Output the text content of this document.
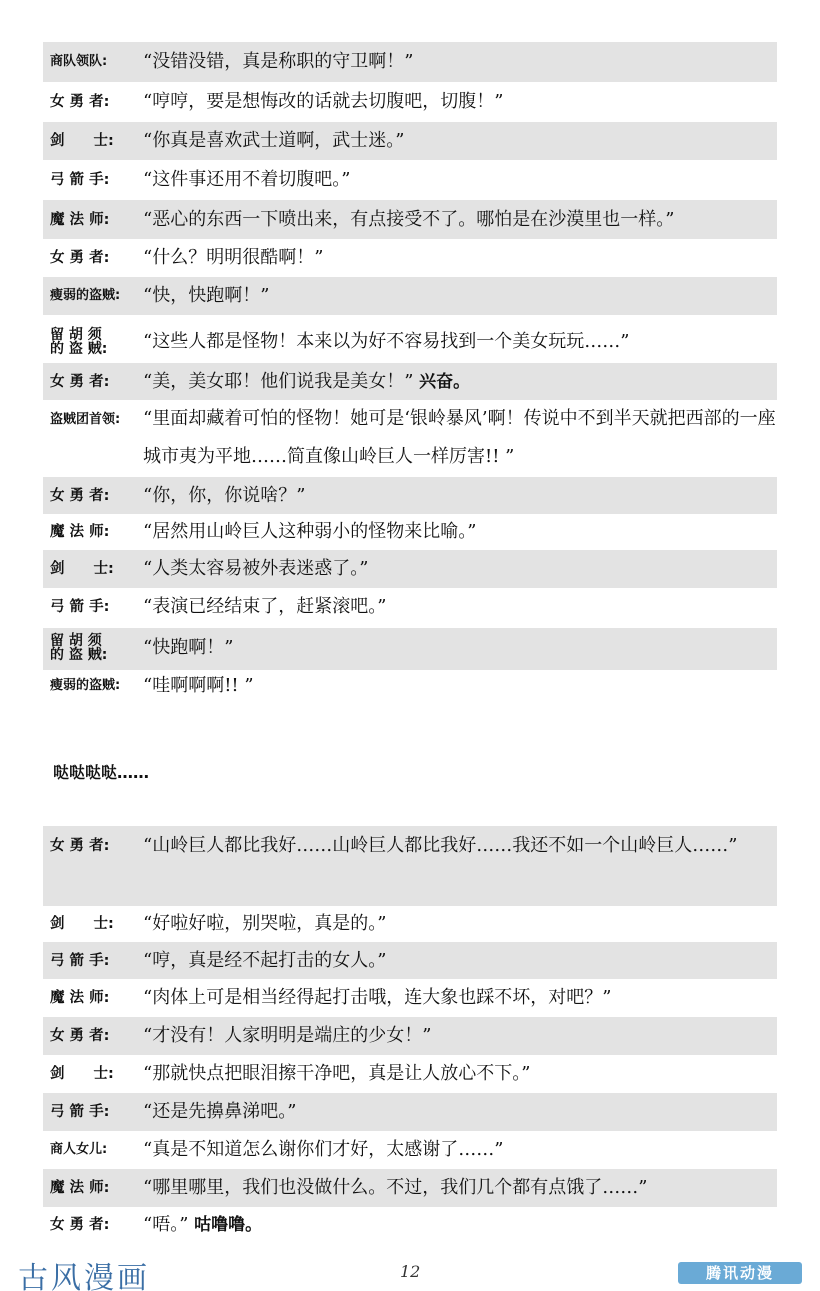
商队领队:	“没错没错，真是称职的守卫啊！”
女 勇 者:	“哼哼，要是想悔改的话就去切腹吧，切腹！”
剑　　士:	“你真是喜欢武士道啊，武士迷。”
弓 箭 手:	“这件事还用不着切腹吧。”
魔 法 师:	“恶心的东西一下喷出来，有点接受不了。哪怕是在沙漠里也一样。”
女 勇 者:	“什么？明明很酷啊！”
瘦弱的盗贼:	“快，快跑啊！”
留 胡 须
的 盗 贼:	“这些人都是怪物！本来以为好不容易找到一个美女玩玩……”
女 勇 者:	“美，美女耶！他们说我是美女！” 兴奋。
盗贼团首领:	“里面却藏着可怕的怪物！她可是‘银岭暴风’啊！传说中不到半天就把西部的一座城市夷为平地……简直像山岭巨人一样厉害!! ”
女 勇 者:	“你，你，你说啥？”
魔 法 师:	“居然用山岭巨人这种弱小的怪物来比喻。”
剑　　士:	“人类太容易被外表迷惑了。”
弓 箭 手:	“表演已经结束了，赶紧滚吧。”
留 胡 须
的 盗 贼:	“快跑啊！”
瘦弱的盗贼:	“哇啊啊啊!! ”
哒哒哒哒……
女 勇 者:	“山岭巨人都比我好……山岭巨人都比我好……我还不如一个山岭巨人……”
剑　　士:	“好啦好啦，别哭啦，真是的。”
弓 箭 手:	“哼，真是经不起打击的女人。”
魔 法 师:	“肉体上可是相当经得起打击哦，连大象也踩不坏，对吧？”
女 勇 者:	“才没有！人家明明是端庄的少女！”
剑　　士:	“那就快点把眼泪擦干净吧，真是让人放心不下。”
弓 箭 手:	“还是先擤鼻涕吧。”
商人女儿:	“真是不知道怎么谢你们才好，太感谢了……”
魔 法 师:	“哪里哪里，我们也没做什么。不过，我们几个都有点饿了……”
女 勇 者:	“唔。” 咕噜噜。
古风漫画	12	腾讯动漫
